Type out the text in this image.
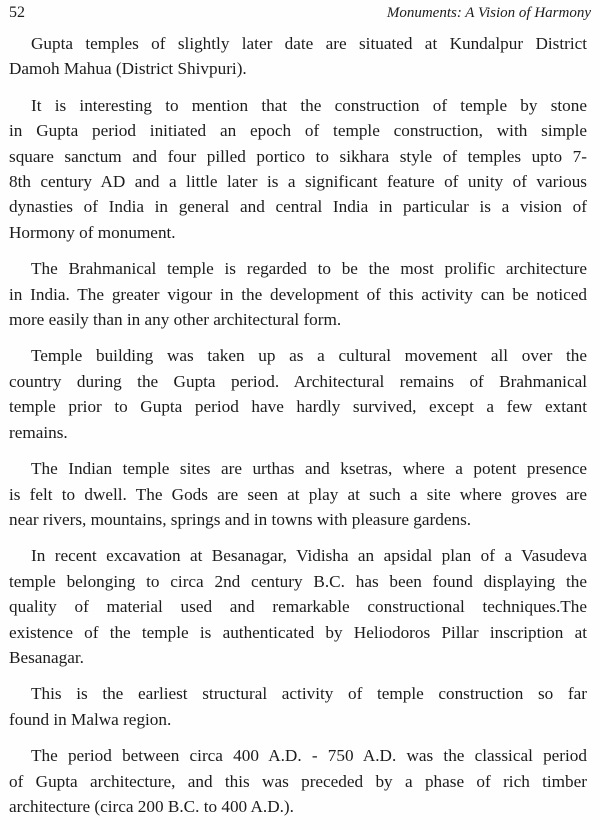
52	Monuments: A Vision of Harmony
Gupta temples of slightly later date are situated at Kundalpur District
Damoh Mahua (District Shivpuri).
It is interesting to mention that the construction of temple by stone
in Gupta period initiated an epoch of temple construction, with simple
square sanctum and four pilled portico to sikhara style of temples upto 7-
8th century AD and a little later is a significant feature of unity of various
dynasties of India in general and central India in particular is a vision of
Hormony of monument.
The Brahmanical temple is regarded to be the most prolific architecture
in India. The greater vigour in the development of this activity can be noticed
more easily than in any other architectural form.
Temple building was taken up as a cultural movement all over the
country during the Gupta period. Architectural remains of Brahmanical
temple prior to Gupta period have hardly survived, except a few extant
remains.
The Indian temple sites are urthas and ksetras, where a potent presence
is felt to dwell. The Gods are seen at play at such a site where groves are
near rivers, mountains, springs and in towns with pleasure gardens.
In recent excavation at Besanagar, Vidisha an apsidal plan of a Vasudeva
temple belonging to circa 2nd century B.C. has been found displaying the
quality of material used and remarkable constructional techniques.The
existence of the temple is authenticated by Heliodoros Pillar inscription at
Besanagar.
This is the earliest structural activity of temple construction so far
found in Malwa region.
The period between circa 400 A.D. - 750 A.D. was the classical period
of Gupta architecture, and this was preceded by a phase of rich timber
architecture (circa 200 B.C. to 400 A.D.).
